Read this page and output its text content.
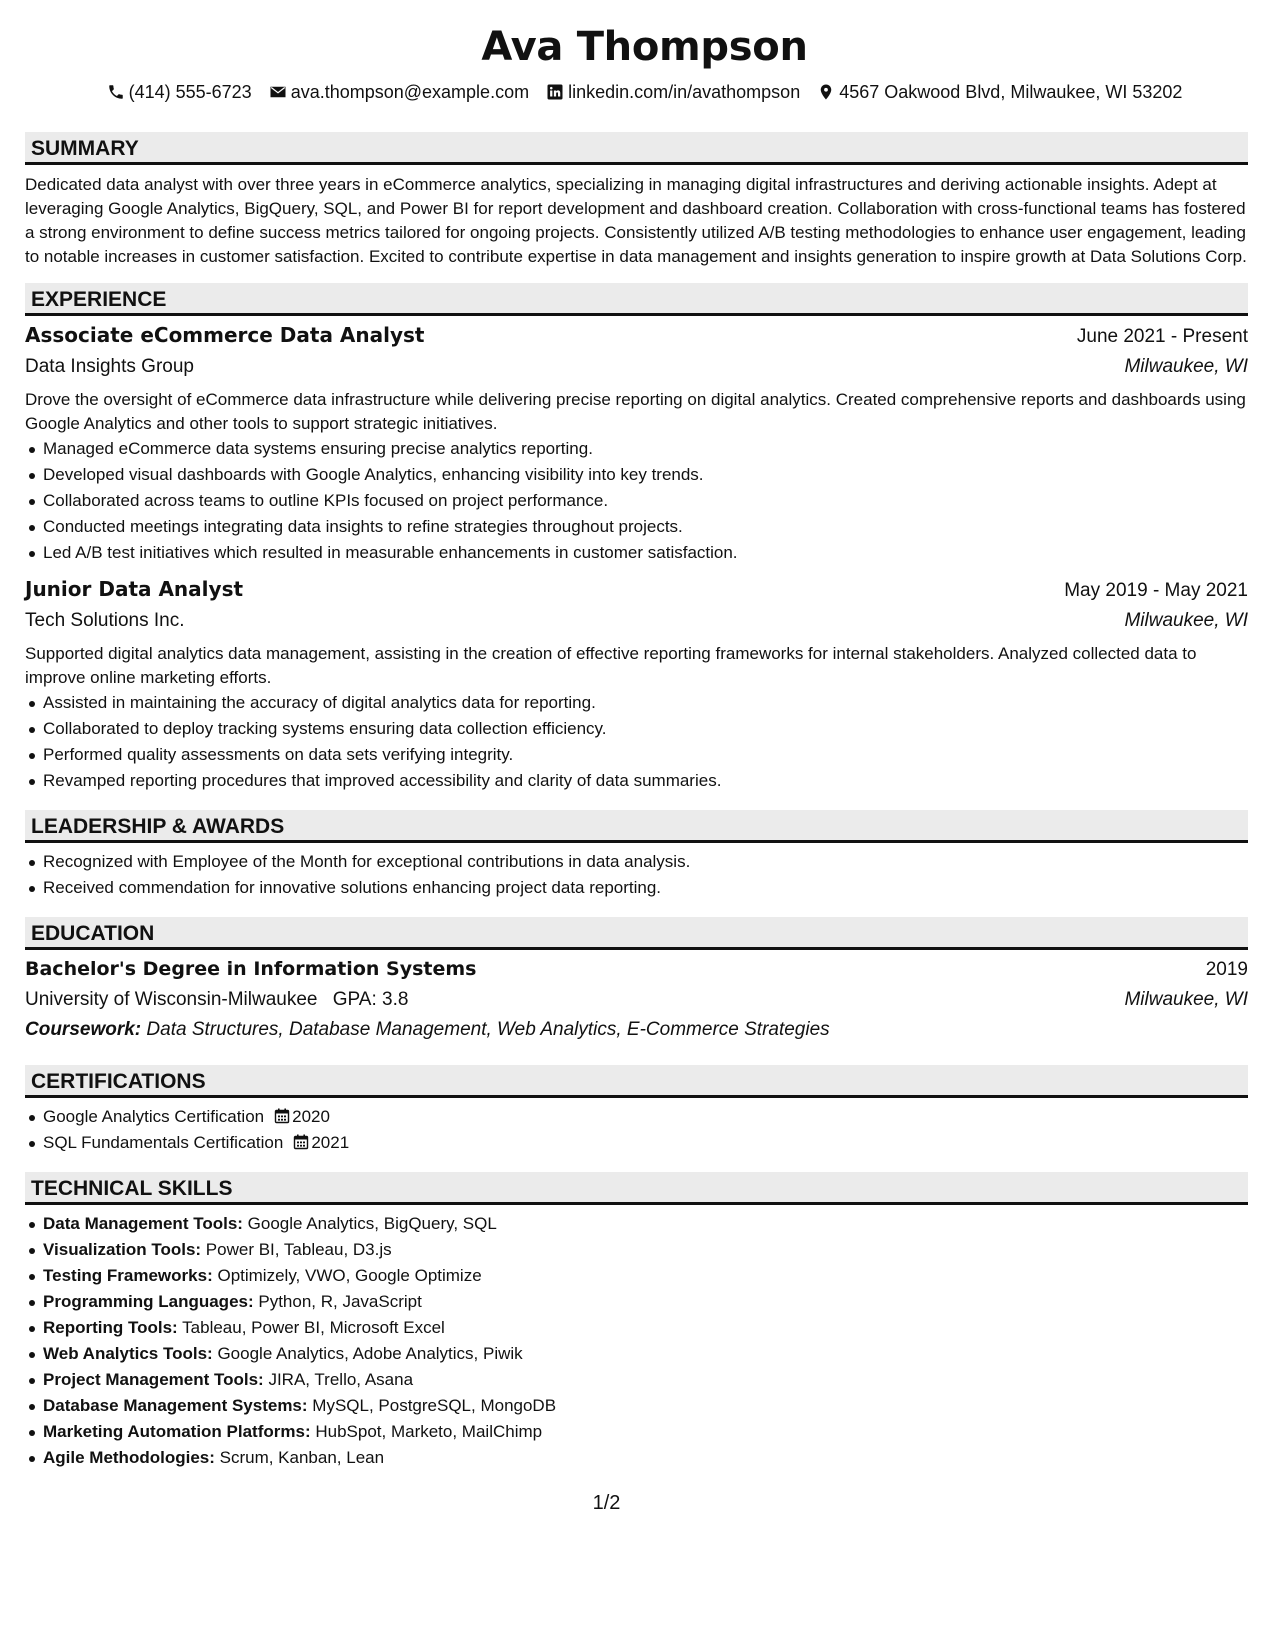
Ava Thompson
(414) 555-6723 ava.thompson@example.com linkedin.com/in/avathompson 4567 Oakwood Blvd, Milwaukee, WI 53202
SUMMARY
Dedicated data analyst with over three years in eCommerce analytics, specializing in managing digital infrastructures and deriving actionable insights. Adept at leveraging Google Analytics, BigQuery, SQL, and Power BI for report development and dashboard creation. Collaboration with cross-functional teams has fostered a strong environment to define success metrics tailored for ongoing projects. Consistently utilized A/B testing methodologies to enhance user engagement, leading to notable increases in customer satisfaction. Excited to contribute expertise in data management and insights generation to inspire growth at Data Solutions Corp.
EXPERIENCE
Associate eCommerce Data Analyst	June 2021 - Present
Data Insights Group	Milwaukee, WI
Drove the oversight of eCommerce data infrastructure while delivering precise reporting on digital analytics. Created comprehensive reports and dashboards using Google Analytics and other tools to support strategic initiatives.
Managed eCommerce data systems ensuring precise analytics reporting.
Developed visual dashboards with Google Analytics, enhancing visibility into key trends.
Collaborated across teams to outline KPIs focused on project performance.
Conducted meetings integrating data insights to refine strategies throughout projects.
Led A/B test initiatives which resulted in measurable enhancements in customer satisfaction.
Junior Data Analyst	May 2019 - May 2021
Tech Solutions Inc.	Milwaukee, WI
Supported digital analytics data management, assisting in the creation of effective reporting frameworks for internal stakeholders. Analyzed collected data to improve online marketing efforts.
Assisted in maintaining the accuracy of digital analytics data for reporting.
Collaborated to deploy tracking systems ensuring data collection efficiency.
Performed quality assessments on data sets verifying integrity.
Revamped reporting procedures that improved accessibility and clarity of data summaries.
LEADERSHIP & AWARDS
Recognized with Employee of the Month for exceptional contributions in data analysis.
Received commendation for innovative solutions enhancing project data reporting.
EDUCATION
Bachelor's Degree in Information Systems	2019
University of Wisconsin-Milwaukee GPA: 3.8	Milwaukee, WI
Coursework: Data Structures, Database Management, Web Analytics, E-Commerce Strategies
CERTIFICATIONS
Google Analytics Certification 2020
SQL Fundamentals Certification 2021
TECHNICAL SKILLS
Data Management Tools: Google Analytics, BigQuery, SQL
Visualization Tools: Power BI, Tableau, D3.js
Testing Frameworks: Optimizely, VWO, Google Optimize
Programming Languages: Python, R, JavaScript
Reporting Tools: Tableau, Power BI, Microsoft Excel
Web Analytics Tools: Google Analytics, Adobe Analytics, Piwik
Project Management Tools: JIRA, Trello, Asana
Database Management Systems: MySQL, PostgreSQL, MongoDB
Marketing Automation Platforms: HubSpot, Marketo, MailChimp
Agile Methodologies: Scrum, Kanban, Lean
1/2
